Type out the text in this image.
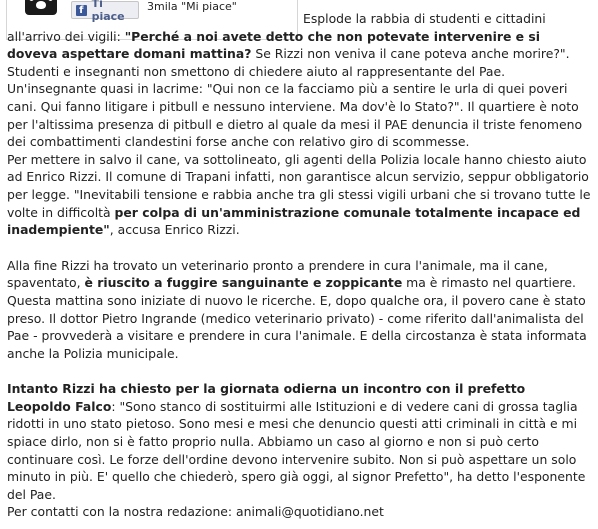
f Ti piace
3mila "Mi piace"

Esplode la rabbia di studenti e cittadini all'arrivo dei vigili: "Perché a noi avete detto che non potevate intervenire e si doveva aspettare domani mattina? Se Rizzi non veniva il cane poteva anche morire?". Studenti e insegnanti non smettono di chiedere aiuto al rappresentante del Pae. Un'insegnante quasi in lacrime: "Qui non ce la facciamo più a sentire le urla di quei poveri cani. Qui fanno litigare i pitbull e nessuno interviene. Ma dov'è lo Stato?". Il quartiere è noto per l'altissima presenza di pitbull e dietro al quale da mesi il PAE denuncia il triste fenomeno dei combattimenti clandestini forse anche con relativo giro di scommesse.

Per mettere in salvo il cane, va sottolineato, gli agenti della Polizia locale hanno chiesto aiuto ad Enrico Rizzi. Il comune di Trapani infatti, non garantisce alcun servizio, seppur obbligatorio per legge. "Inevitabili tensione e rabbia anche tra gli stessi vigili urbani che si trovano tutte le volte in difficoltà per colpa di un'amministrazione comunale totalmente incapace ed inadempiente", accusa Enrico Rizzi.

Alla fine Rizzi ha trovato un veterinario pronto a prendere in cura l'animale, ma il cane, spaventato, è riuscito a fuggire sanguinante e zoppicante ma è rimasto nel quartiere. Questa mattina sono iniziate di nuovo le ricerche. E, dopo qualche ora, il povero cane è stato preso. Il dottor Pietro Ingrande (medico veterinario privato) - come riferito dall'animalista del Pae - provvederà a visitare e prendere in cura l'animale. E della circostanza è stata informata anche la Polizia municipale.

Intanto Rizzi ha chiesto per la giornata odierna un incontro con il prefetto Leopoldo Falco: "Sono stanco di sostituirmi alle Istituzioni e di vedere cani di grossa taglia ridotti in uno stato pietoso. Sono mesi e mesi che denuncio questi atti criminali in città e mi spiace dirlo, non si è fatto proprio nulla. Abbiamo un caso al giorno e non si può certo continuare così. Le forze dell'ordine devono intervenire subito. Non si può aspettare un solo minuto in più. E' quello che chiederò, spero già oggi, al signor Prefetto", ha detto l'esponente del Pae.

Per contatti con la nostra redazione: animali@quotidiano.net
